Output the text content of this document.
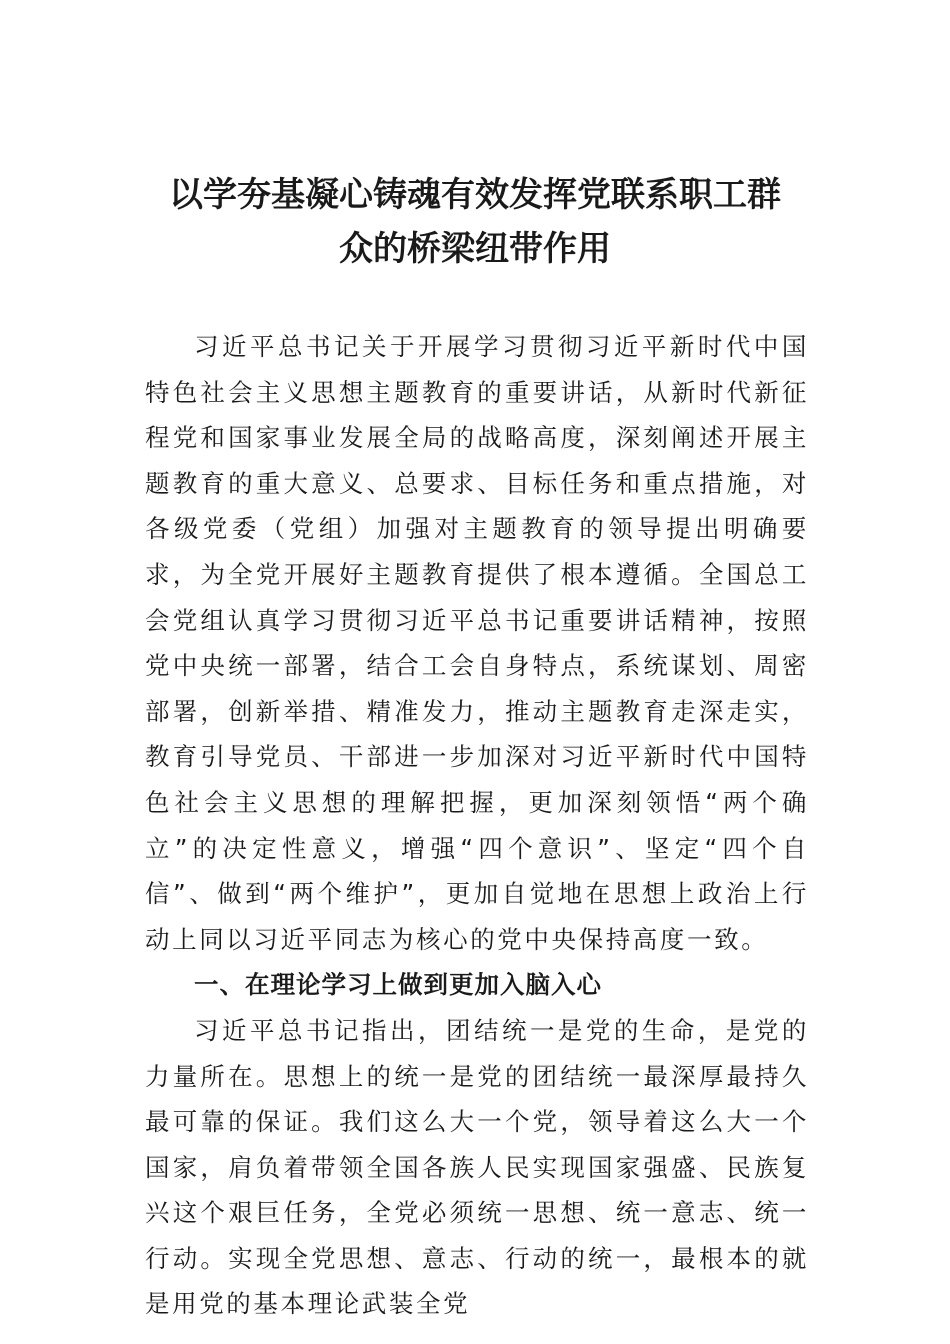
以学夯基凝心铸魂有效发挥党联系职工群
众的桥梁纽带作用

习近平总书记关于开展学习贯彻习近平新时代中国特色社会主义思想主题教育的重要讲话，从新时代新征程党和国家事业发展全局的战略高度，深刻阐述开展主题教育的重大意义、总要求、目标任务和重点措施，对各级党委（党组）加强对主题教育的领导提出明确要求，为全党开展好主题教育提供了根本遵循。全国总工会党组认真学习贯彻习近平总书记重要讲话精神，按照党中央统一部署，结合工会自身特点，系统谋划、周密部署，创新举措、精准发力，推动主题教育走深走实，教育引导党员、干部进一步加深对习近平新时代中国特色社会主义思想的理解把握，更加深刻领悟“两个确立”的决定性意义，增强“四个意识”、坚定“四个自信”、做到“两个维护”，更加自觉地在思想上政治上行动上同以习近平同志为核心的党中央保持高度一致。

一、在理论学习上做到更加入脑入心

习近平总书记指出，团结统一是党的生命，是党的力量所在。思想上的统一是党的团结统一最深厚最持久最可靠的保证。我们这么大一个党，领导着这么大一个国家，肩负着带领全国各族人民实现国家强盛、民族复兴这个艰巨任务，全党必须统一思想、统一意志、统一行动。实现全党思想、意志、行动的统一，最根本的就是用党的基本理论武装全党
